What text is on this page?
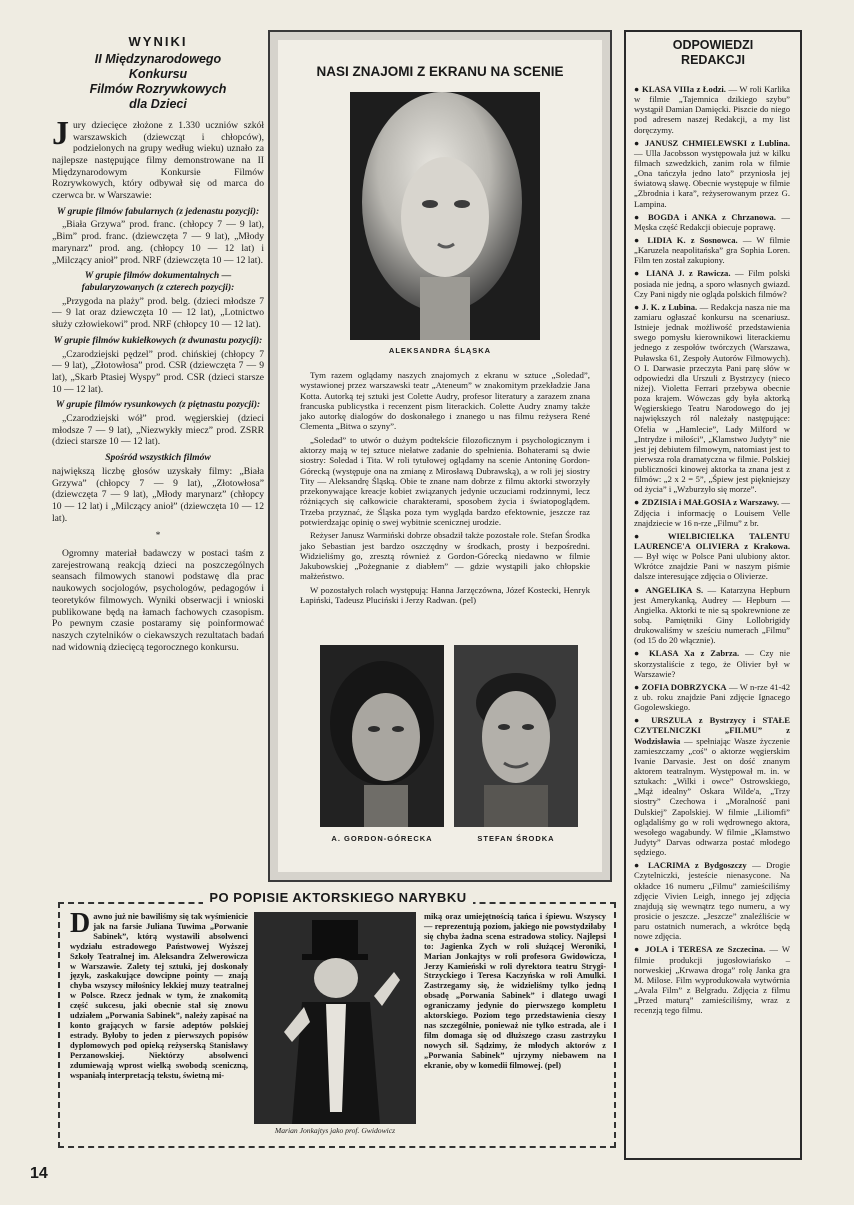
WYNIKI
II Międzynarodowego
Konkursu
Filmów Rozrywkowych
dla Dzieci

Jury dziecięce złożone z 1.330 uczniów szkół warszawskich (dziewcząt i chłopców), podzielonych na grupy według wieku) uznało za najlepsze następujące filmy demonstrowane na II Międzynarodowym Konkursie Filmów Rozrywkowych, który odbywał się od marca do czerwca br. w Warszawie:

W grupie filmów fabularnych (z jedenastu pozycji):

„Biała Grzywa” prod. franc. (chłopcy 7 — 9 lat), „Bim” prod. franc. (dziewczęta 7 — 9 lat), „Młody marynarz” prod. ang. (chłopcy 10 — 12 lat) i „Milczący anioł” prod. NRF (dziewczęta 10 — 12 lat).

W grupie filmów dokumentalnych — fabularyzowanych (z czterech pozycji):

„Przygoda na plaży” prod. belg. (dzieci młodsze 7 — 9 lat oraz dziewczęta 10 — 12 lat), „Lotnictwo służy człowiekowi” prod. NRF (chłopcy 10 — 12 lat).

W grupie filmów kukiełkowych (z dwunastu pozycji):

„Czarodziejski pędzel” prod. chińskiej (chłopcy 7 — 9 lat), „Złotowłosa” prod. CSR (dziewczęta 7 — 9 lat), „Skarb Ptasiej Wyspy” prod. CSR (dzieci starsze 10 — 12 lat).

W grupie filmów rysunkowych (z piętnastu pozycji):

„Czarodziejski wół” prod. węgierskiej (dzieci młodsze 7 — 9 lat), „Niezwykły miecz” prod. ZSRR (dzieci starsze 10 — 12 lat).

Spośród wszystkich filmów

największą liczbę głosów uzyskały filmy: „Biała Grzywa” (chłopcy 7 — 9 lat), „Złotowłosa” (dziewczęta 7 — 9 lat), „Młody marynarz” (chłopcy 10 — 12 lat) i „Milczący anioł” (dziewczęta 10 — 12 lat).

*

Ogromny materiał badawczy w postaci taśm z zarejestrowaną reakcją dzieci na poszczególnych seansach filmowych stanowi podstawę dla prac naukowych socjologów, psychologów, pedagogów i teoretyków filmowych. Wyniki obserwacji i wnioski publikowane będą na łamach fachowych czasopism. Po pewnym czasie postaramy się poinformować naszych czytelników o ciekawszych rezultatach badań nad widownią dziecięcą tegorocznego konkursu.

NASI ZNAJOMI Z EKRANU NA SCENIE
ALEKSANDRA ŚLĄSKA

Tym razem oglądamy naszych znajomych z ekranu w sztuce „Soledad”, wystawionej przez warszawski teatr „Ateneum” w znakomitym przekładzie Jana Kotta. Autorką tej sztuki jest Colette Audry, profesor literatury a zarazem znana francuska publicystka i recenzent pism literackich. Colette Audry znamy także jako autorkę dialogów do doskonałego i znanego u nas filmu reżysera René Clementa „Bitwa o szyny”.

„Soledad” to utwór o dużym podtekście filozoficznym i psychologicznym i aktorzy mają w tej sztuce niełatwe zadanie do spełnienia. Bohaterami są dwie siostry: Soledad i Tita. W roli tytułowej oglądamy na scenie Antoninę Gordon-Górecką (występuje ona na zmianę z Mirosławą Dubrawską), a w roli jej siostry Tity — Aleksandrę Śląską. Obie te znane nam dobrze z filmu aktorki stworzyły przekonywające kreacje kobiet związanych jedynie uczuciami rodzinnymi, lecz różniących się całkowicie charakterami, sposobem życia i światopoglądem. Trzeba przyznać, że Śląska poza tym wygląda bardzo efektownie, jeszcze raz potwierdzając opinię o swej wybitnie scenicznej urodzie.

Reżyser Janusz Warmiński dobrze obsadził także pozostałe role. Stefan Środka jako Sebastian jest bardzo oszczędny w środkach, prosty i bezpośredni. Widzieliśmy go, zresztą również z Gordon-Górecką niedawno w filmie Jakubowskiej „Pożegnanie z diabłem” — gdzie wystąpili jako chłopskie małżeństwo.

W pozostałych rolach występują: Hanna Jarzęczówna, Józef Kostecki, Henryk Łapiński, Tadeusz Pluciński i Jerzy Radwan. (pel)

A. GORDON-GÓRECKA	STEFAN ŚRODKA
ODPOWIEDZI
REDAKCJI

● KLASA VIIIa z Łodzi. — W roli Karlika w filmie „Tajemnica dzikiego szybu” wystąpił Damian Damięcki. Piszcie do niego pod adresem naszej Redakcji, a my list doręczymy.

● JANUSZ CHMIELEWSKI z Lublina. — Ulla Jacobsson występowała już w kilku filmach szwedzkich, zanim rola w filmie „Ona tańczyła jedno lato” przyniosła jej światową sławę. Obecnie występuje w filmie „Zbrodnia i kara”, reżyserowanym przez G. Lampina.

● BOGDA i ANKA z Chrzanowa. — Męska część Redakcji obiecuje poprawę.

● LIDIA K. z Sosnowca. — W filmie „Karuzela neapolitańska” gra Sophia Loren. Film ten został zakupiony.

● LIANA J. z Rawicza. — Film polski posiada nie jedną, a sporo własnych gwiazd. Czy Pani nigdy nie ogląda polskich filmów?

● J. K. z Lubina. — Redakcja nasza nie ma zamiaru ogłaszać konkursu na scenariusz. Istnieje jednak możliwość przedstawienia swego pomysłu kierownikowi literackiemu jednego z zespołów twórczych (Warszawa, Puławska 61, Zespoły Autorów Filmowych). O I. Darwasie przeczyta Pani parę słów w odpowiedzi dla Urszuli z Bystrzycy (nieco niżej). Violetta Ferrari przebywa obecnie poza krajem. Wówczas gdy była aktorką Węgierskiego Teatru Narodowego do jej największych ról należały następujące: Ofelia w „Hamlecie”, Lady Milford w „Intrydze i miłości”, „Klamstwo Judyty” nie jest jej debiutem filmowym, natomiast jest to pierwsza rola dramatyczna w filmie. Polskiej publiczności kinowej aktorka ta znana jest z filmów: „2 x 2 = 5”, „Śpiew jest piękniejszy od życia” i „Wzburzyło się morze”.

● ZDZISIA i MAŁGOSIA z Warszawy. — Zdjęcia i informację o Louisem Velle znajdziecie w 16 n-rze „Filmu” z br.

● WIELBICIELKA TALENTU LAURENCE'A OLIVIERA z Krakowa. — Był więc w Polsce Pani ulubiony aktor. Wkrótce znajdzie Pani w naszym piśmie dalsze interesujące zdjęcia o Olivierze.

● ANGELIKA S. — Katarzyna Hepburn jest Amerykanką, Audrey — Hepburn — Angielka. Aktorki te nie są spokrewnione ze sobą. Pamiętniki Giny Lollobrigidy drukowaliśmy w sześciu numerach „Filmu” (od 15 do 20 włącznie).

● KLASA Xa z Zabrza. — Czy nie skorzystaliście z tego, że Olivier był w Warszawie?

● ZOFIA DOBRZYCKA — W n-rze 41-42 z ub. roku znajdzie Pani zdjęcie Ignacego Gogolewskiego.

● URSZULA z Bystrzycy i STAŁE CZYTELNICZKI „FILMU” z Wodzisławia — spełniając Wasze życzenie zamieszczamy „coś” o aktorze węgierskim Ivanie Darvasie. Jest on dość znanym aktorem teatralnym. Występował m. in. w sztukach: „Wilki i owce” Ostrowskiego, „Mąż idealny” Oskara Wilde'a, „Trzy siostry” Czechowa i „Moralność pani Dulskiej” Zapolskiej. W filmie „Liliomfi” oglądaliśmy go w roli wędrownego aktora, wesołego wagabundy. W filmie „Kłamstwo Judyty” Darvas odtwarza postać młodego sędziego.

● LACRIMA z Bydgoszczy — Drogie Czytelniczki, jesteście nienasycone. Na okładce 16 numeru „Filmu” zamieściliśmy zdjęcie Vivien Leigh, innego jej zdjęcia znajdują się wewnątrz tego numeru, a wy prosicie o jeszcze. „Jeszcze” znaleźliście w paru ostatnich numerach, a wkrótce będą nowe zdjęcia.

● JOLA i TERESA ze Szczecina. — W filmie produkcji jugosłowiańsko – norweskiej „Krwawa droga” rolę Janka gra M. Milose. Film wyprodukowała wytwórnia „Avala Film” z Belgradu. Zdjęcia z filmu „Przed maturą” zamieściliśmy, wraz z recenzją tego filmu.

PO POPISIE AKTORSKIEGO NARYBKU

Dawno już nie bawiliśmy się tak wyśmienicie jak na farsie Juliana Tuwima „Porwanie Sabinek”, którą wystawili absolwenci wydziału estradowego Państwowej Wyższej Szkoły Teatralnej im. Aleksandra Zelwerowicza w Warszawie. Zalety tej sztuki, jej doskonały język, zaskakujące dowcipne pointy — znają chyba wszyscy miłośnicy lekkiej muzy teatralnej w Polsce. Rzecz jednak w tym, że znakomitą część sukcesu, jaki obecnie stał się znowu udziałem „Porwania Sabinek”, należy zapisać na konto grających w farsie adeptów polskiej estrady. Byłoby to jeden z pierwszych popisów dyplomowych pod opieką reżyserską Stanisławy Perzanowskiej. Niektórzy absolwenci zdumiewają wprost wielką swobodą sceniczną, wspaniałą interpretacją tekstu, świetną mi-

Marian Jonkajtys jako prof. Gwidowicz

miką oraz umiejętnością tańca i śpiewu. Wszyscy — reprezentują poziom, jakiego nie powstydziłaby się chyba żadna scena estradowa stolicy. Najlepsi to: Jagienka Zych w roli służącej Weroniki, Marian Jonkajtys w roli profesora Gwidowicza, Jerzy Kamieński w roli dyrektora teatru Strygi-Strzyckiego i Teresa Kaczyńska w roli Amulki. Zastrzegamy się, że widzieliśmy tylko jedną obsadę „Porwania Sabinek” i dlatego uwagi ograniczamy jedynie do pierwszego kompletu aktorskiego. Poziom tego przedstawienia cieszy nas szczególnie, ponieważ nie tylko estrada, ale i film domaga się od dłuższego czasu zastrzyku nowych sił. Sądzimy, że młodych aktorów z „Porwania Sabinek” ujrzymy niebawem na ekranie, oby w komedii filmowej. (pel)

14
